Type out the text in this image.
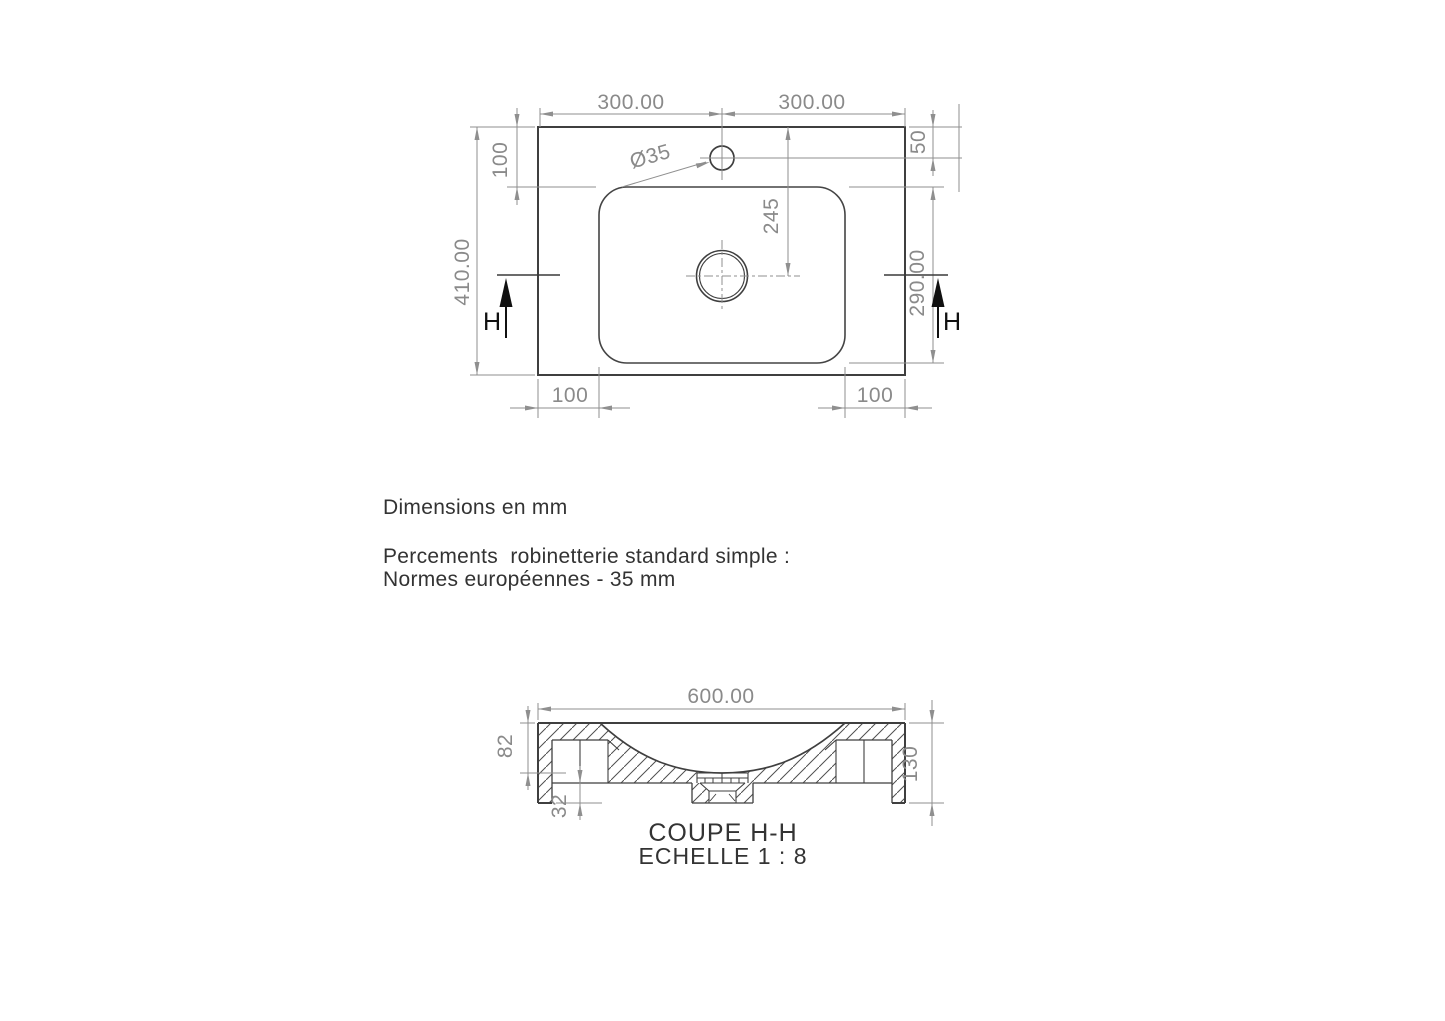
300.00	300.00
100	50
410.00
245
290.00
100	100
Ø35
H	H
Dimensions en mm
Percements  robinetterie standard simple :
Normes européennes - 35 mm
600.00
82
32
130
COUPE H-H
ECHELLE 1 : 8
